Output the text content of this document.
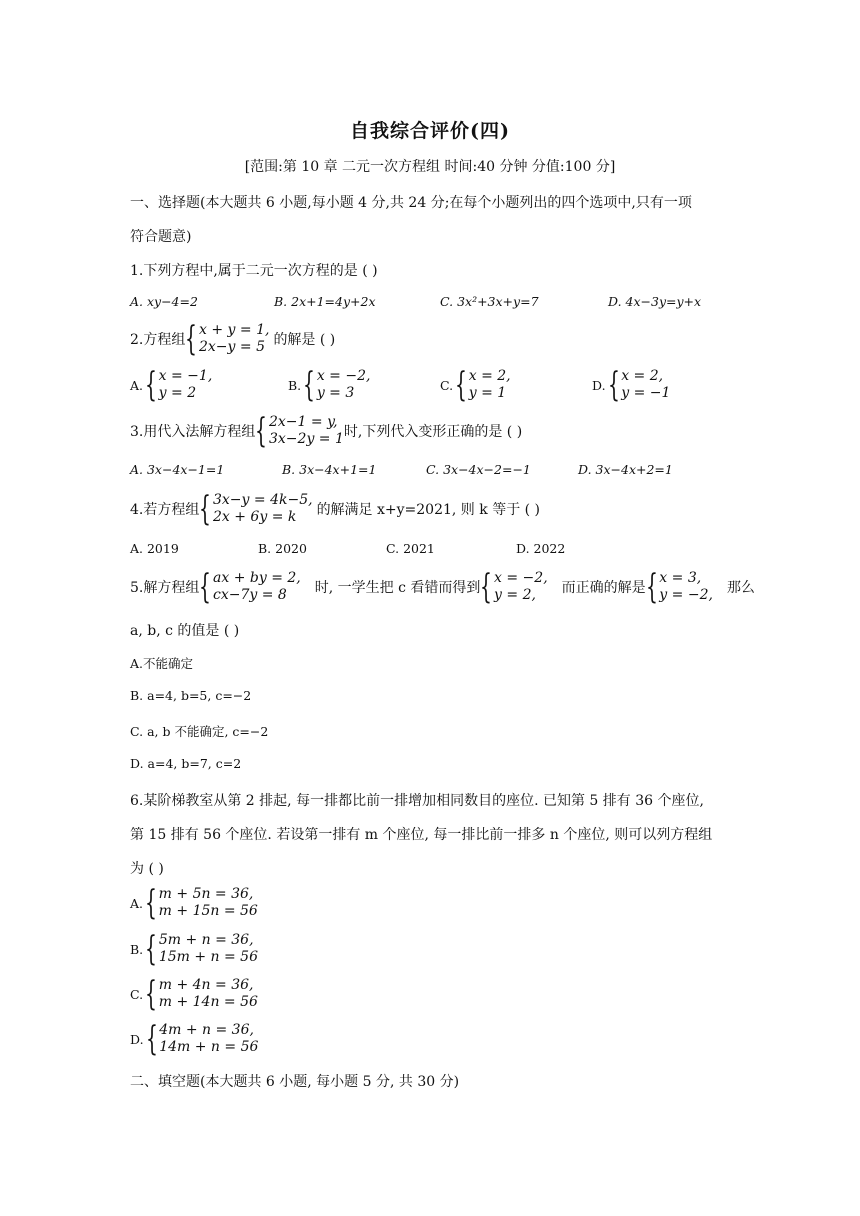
自我综合评价(四)
[范围:第 10 章 二元一次方程组 时间:40 分钟 分值:100 分]
一、选择题(本大题共 6 小题,每小题 4 分,共 24 分;在每个小题列出的四个选项中,只有一项
符合题意)
1.下列方程中,属于二元一次方程的是 ( )
A. xy−4=2	B. 2x+1=4y+2x	C. 3x²+3x+y=7	D. 4x−3y=y+x
2.方程组 { x + y = 1,
2x−y = 5 的解是 ( )
A. { x = −1,
y = 2	B. { x = −2,
y = 3	C. { x = 2,
y = 1	D. { x = 2,
y = −1
3.用代入法解方程组 { 2x−1 = y,
3x−2y = 1 时,下列代入变形正确的是 ( )
A. 3x−4x−1=1	B. 3x−4x+1=1	C. 3x−4x−2=−1	D. 3x−4x+2=1
4.若方程组 { 3x−y = 4k−5,
2x + 6y = k	的解满足 x+y=2021, 则 k 等于 ( )
A. 2019	B. 2020	C. 2021	D. 2022
5.解方程组 { ax + by = 2,
cx−7y = 8	时, 一学生把 c 看错而得到 { x = −2,
y = 2,	而正确的解是 { x = 3,
y = −2, 那么
a, b, c 的值是 ( )
A.不能确定
B. a=4, b=5, c=−2
C. a, b 不能确定, c=−2
D. a=4, b=7, c=2
6.某阶梯教室从第 2 排起, 每一排都比前一排增加相同数目的座位. 已知第 5 排有 36 个座位,
第 15 排有 56 个座位. 若设第一排有 m 个座位, 每一排比前一排多 n 个座位, 则可以列方程组
为 ( )
A. { m + 5n = 36,
m + 15n = 56
B. { 5m + n = 36,
15m + n = 56
C. { m + 4n = 36,
m + 14n = 56
D. { 4m + n = 36,
14m + n = 56
二、填空题(本大题共 6 小题, 每小题 5 分, 共 30 分)
